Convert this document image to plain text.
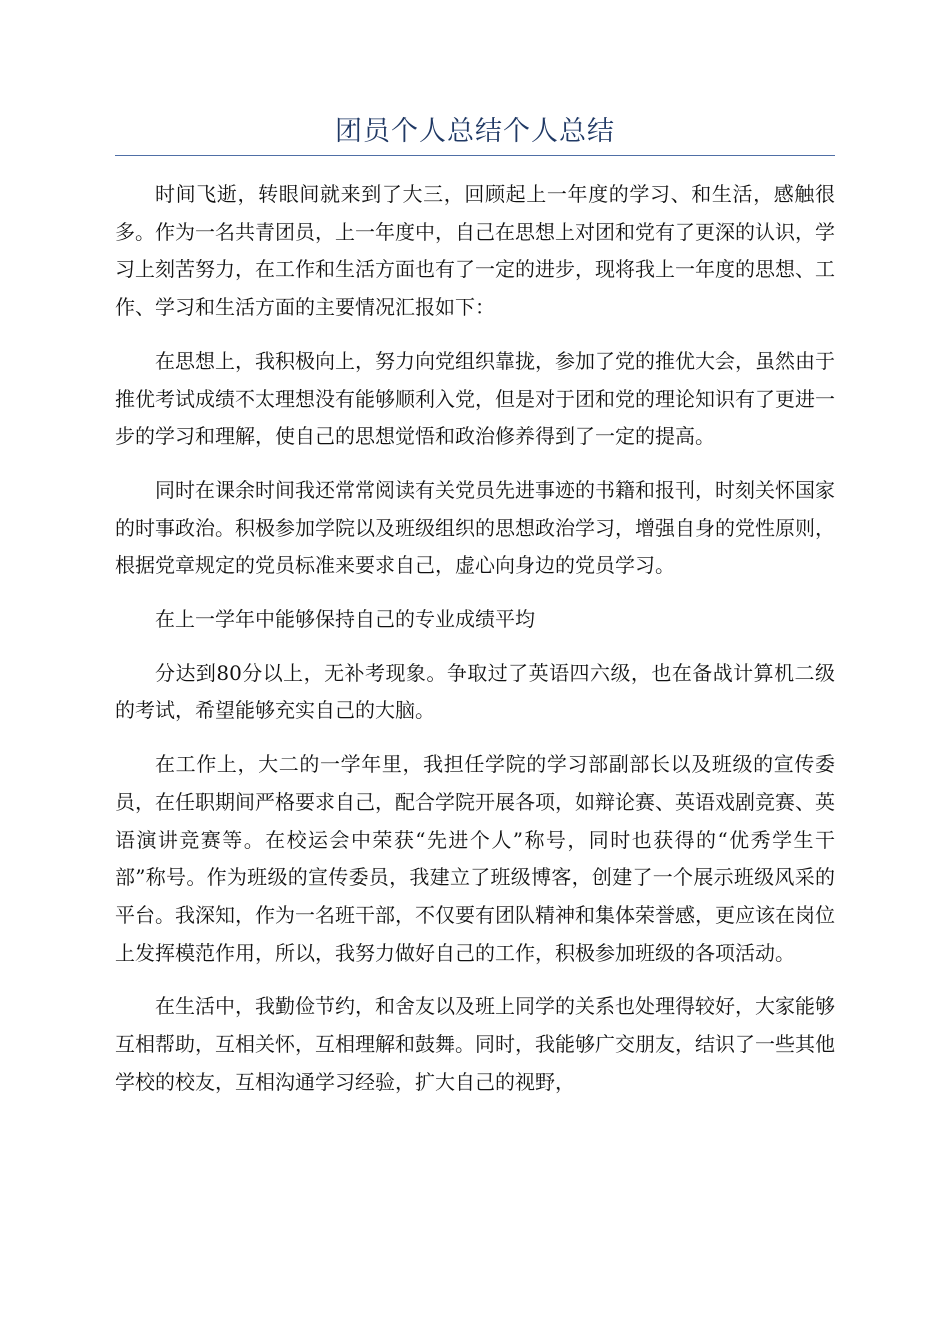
团员个人总结个人总结

时间飞逝，转眼间就来到了大三，回顾起上一年度的学习、和生活，感触很多。作为一名共青团员，上一年度中，自己在思想上对团和党有了更深的认识，学习上刻苦努力，在工作和生活方面也有了一定的进步，现将我上一年度的思想、工作、学习和生活方面的主要情况汇报如下：

在思想上，我积极向上，努力向党组织靠拢，参加了党的推优大会，虽然由于推优考试成绩不太理想没有能够顺利入党，但是对于团和党的理论知识有了更进一步的学习和理解，使自己的思想觉悟和政治修养得到了一定的提高。

同时在课余时间我还常常阅读有关党员先进事迹的书籍和报刊，时刻关怀国家的时事政治。积极参加学院以及班级组织的思想政治学习，增强自身的党性原则，根据党章规定的党员标准来要求自己，虚心向身边的党员学习。

在上一学年中能够保持自己的专业成绩平均

分达到80分以上，无补考现象。争取过了英语四六级，也在备战计算机二级的考试，希望能够充实自己的大脑。

在工作上，大二的一学年里，我担任学院的学习部副部长以及班级的宣传委员，在任职期间严格要求自己，配合学院开展各项，如辩论赛、英语戏剧竞赛、英语演讲竞赛等。在校运会中荣获“先进个人”称号，同时也获得的“优秀学生干部”称号。作为班级的宣传委员，我建立了班级博客，创建了一个展示班级风采的平台。我深知，作为一名班干部，不仅要有团队精神和集体荣誉感，更应该在岗位上发挥模范作用，所以，我努力做好自己的工作，积极参加班级的各项活动。

在生活中，我勤俭节约，和舍友以及班上同学的关系也处理得较好，大家能够互相帮助，互相关怀，互相理解和鼓舞。同时，我能够广交朋友，结识了一些其他学校的校友，互相沟通学习经验，扩大自己的视野，
